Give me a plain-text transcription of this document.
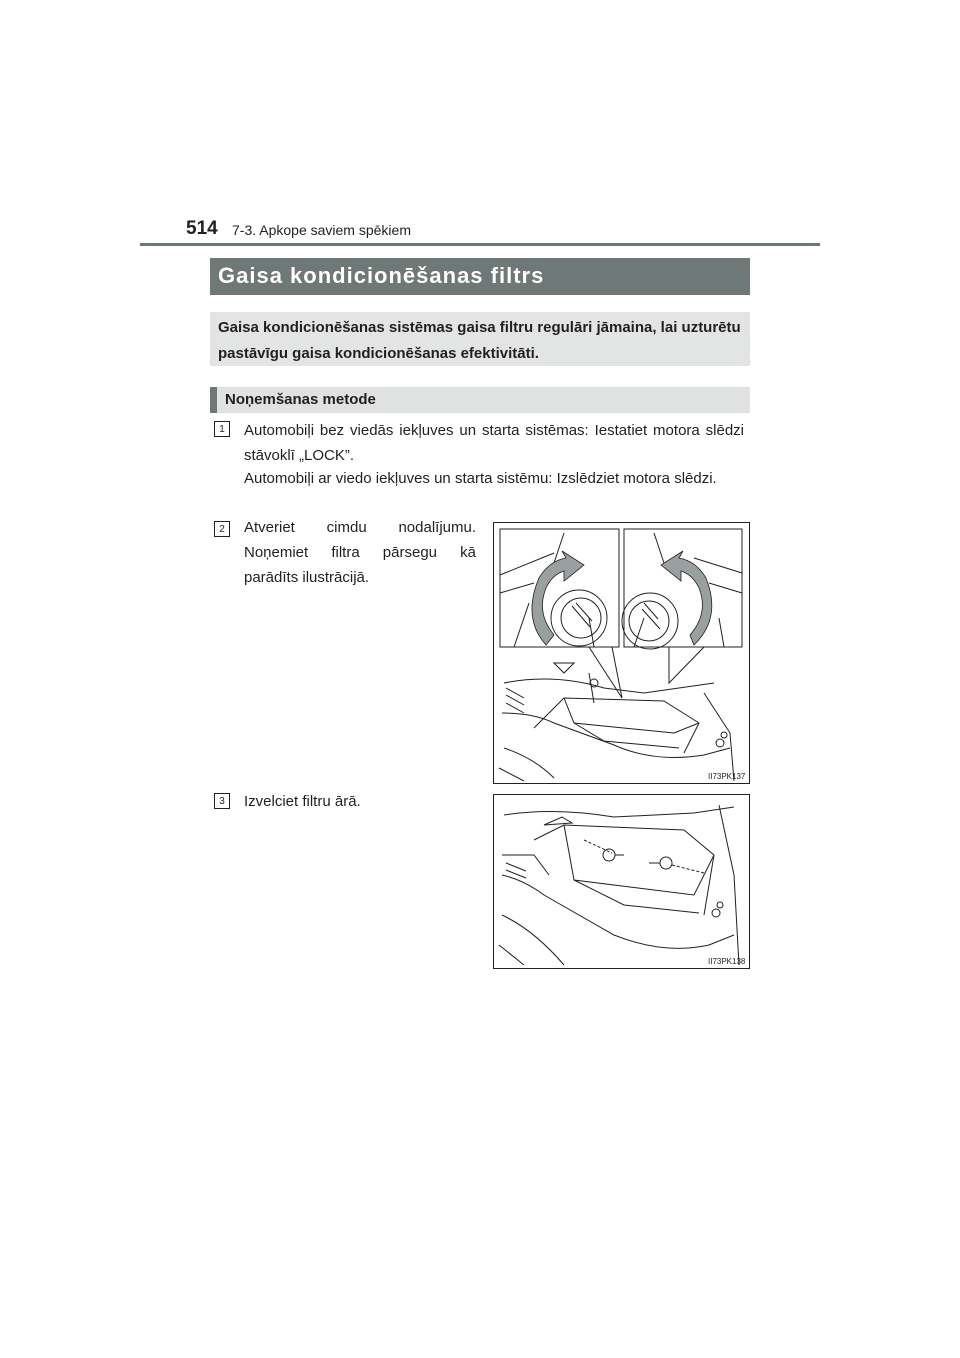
514 7-3. Apkope saviem spēkiem
Gaisa kondicionēšanas filtrs

Gaisa kondicionēšanas sistēmas gaisa filtru regulāri jāmaina, lai uzturētu pastāvīgu gaisa kondicionēšanas efektivitāti.

Noņemšanas metode
1	Automobiļi bez viedās iekļuves un starta sistēmas: Iestatiet motora slēdzi stāvoklī „LOCK”.
Automobiļi ar viedo iekļuves un starta sistēmu: Izslēdziet motora slēdzi.
2	Atveriet cimdu nodalījumu. Noņemiet filtra pārsegu kā parādīts ilustrācijā.
II73PK137
3	Izvelciet filtru ārā.
II73PK138
